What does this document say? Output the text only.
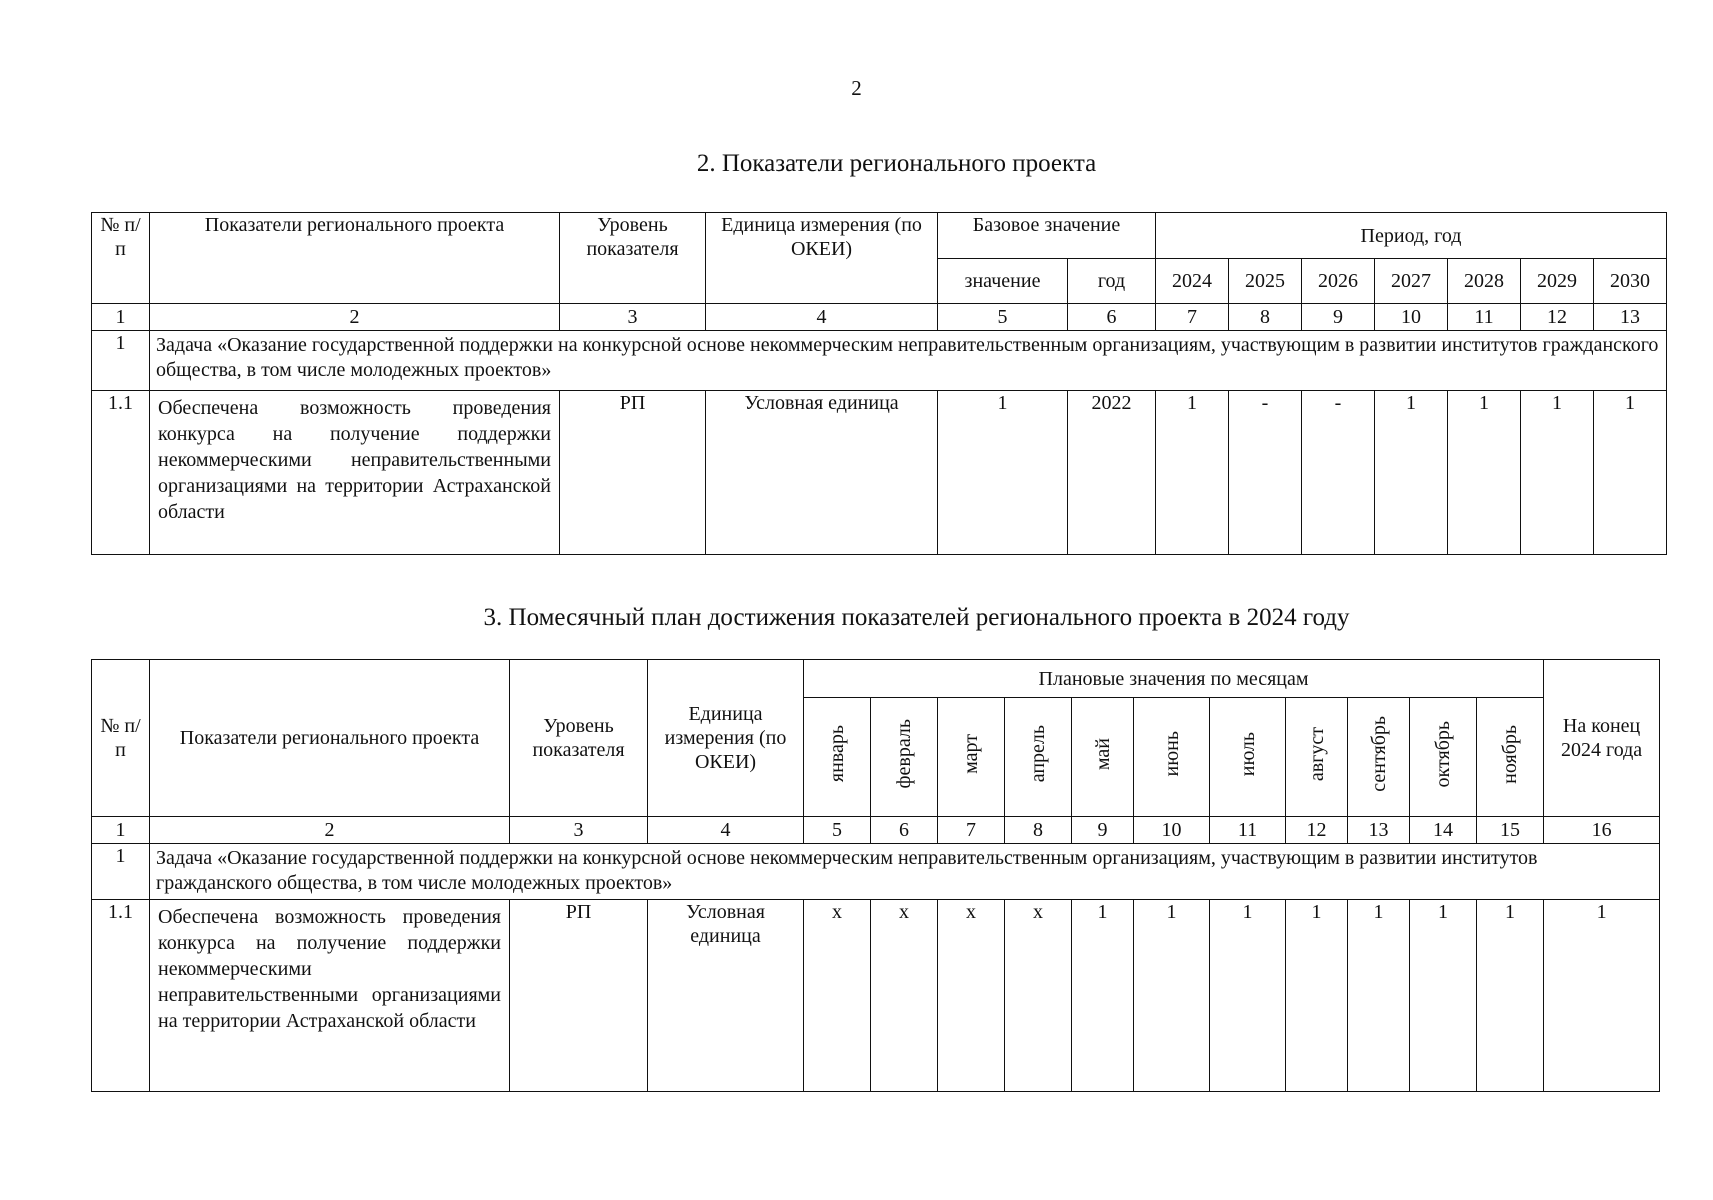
2
2. Показатели регионального проекта
№ п/п	Показатели регионального проекта	Уровень показателя	Единица измерения (по ОКЕИ)	Базовое значение		Период, год						
				значение	год	2024	2025	2026	2027	2028	2029	2030
1	2	3	4	5	6	7	8	9	10	11	12	13
1	Задача «Оказание государственной поддержки на конкурсной основе некоммерческим неправительственным организациям, участвующим в развитии институтов гражданского общества, в том числе молодежных проектов»											
1.1	Обеспечена возможность проведения конкурса на получение поддержки некоммерческими неправительственными организациями на территории Астраханской области	РП	Условная единица	1	2022	1	-	-	1	1	1	1
3. Помесячный план достижения показателей регионального проекта в 2024 году
№ п/п	Показатели регионального проекта	Уровень показателя	Единица измерения (по ОКЕИ)	Плановые значения по месяцам											На конец 2024 года
				январь	февраль	март	апрель	май	июнь	июль	август	сентябрь	октябрь	ноябрь	
1	2	3	4	5	6	7	8	9	10	11	12	13	14	15	16
1	Задача «Оказание государственной поддержки на конкурсной основе некоммерческим неправительственным организациям, участвующим в развитии институтов гражданского общества, в том числе молодежных проектов»														
1.1	Обеспечена возможность проведения конкурса на получение поддержки некоммерческими неправительственными организациями на территории Астраханской области	РП	Условная единица	х	х	х	х	1	1	1	1	1	1	1	1
